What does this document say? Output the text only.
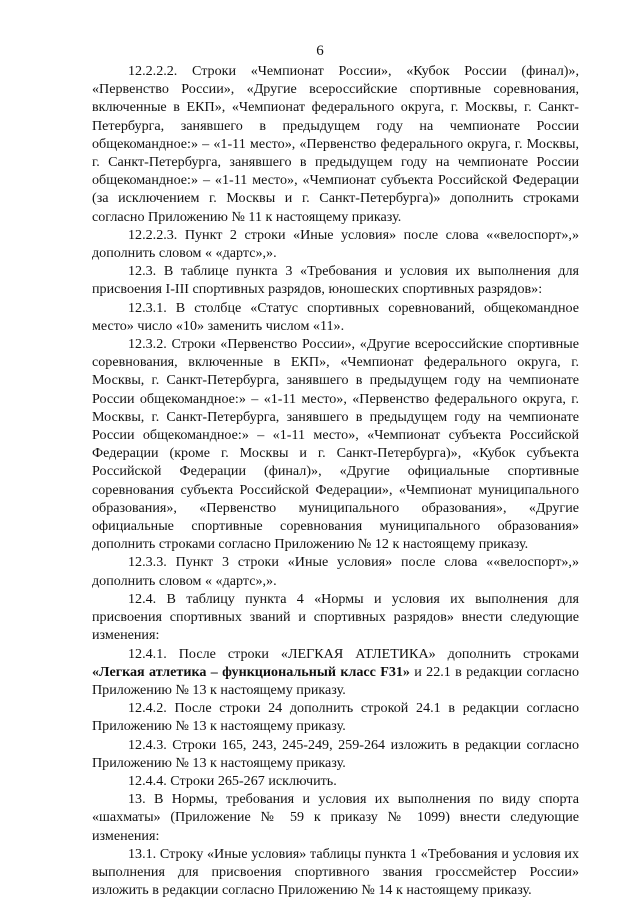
6

12.2.2.2. Строки «Чемпионат России», «Кубок России (финал)», «Первенство России», «Другие всероссийские спортивные соревнования, включенные в ЕКП», «Чемпионат федерального округа, г. Москвы, г. Санкт-Петербурга, занявшего в предыдущем году на чемпионате России общекомандное:» – «1-11 место», «Первенство федерального округа, г. Москвы, г. Санкт-Петербурга, занявшего в предыдущем году на чемпионате России общекомандное:» – «1-11 место», «Чемпионат субъекта Российской Федерации (за исключением г. Москвы и г. Санкт-Петербурга)» дополнить строками согласно Приложению № 11 к настоящему приказу.

12.2.2.3. Пункт 2 строки «Иные условия» после слова ««велоспорт»,» дополнить словом « «дартс»,».

12.3. В таблице пункта 3 «Требования и условия их выполнения для присвоения I-III спортивных разрядов, юношеских спортивных разрядов»:

12.3.1. В столбце «Статус спортивных соревнований, общекомандное место» число «10» заменить числом «11».

12.3.2. Строки «Первенство России», «Другие всероссийские спортивные соревнования, включенные в ЕКП», «Чемпионат федерального округа, г. Москвы, г. Санкт-Петербурга, занявшего в предыдущем году на чемпионате России общекомандное:» – «1-11 место», «Первенство федерального округа, г. Москвы, г. Санкт-Петербурга, занявшего в предыдущем году на чемпионате России общекомандное:» – «1-11 место», «Чемпионат субъекта Российской Федерации (кроме г. Москвы и г. Санкт-Петербурга)», «Кубок субъекта Российской Федерации (финал)», «Другие официальные спортивные соревнования субъекта Российской Федерации», «Чемпионат муниципального образования», «Первенство муниципального образования», «Другие официальные спортивные соревнования муниципального образования» дополнить строками согласно Приложению № 12 к настоящему приказу.

12.3.3. Пункт 3 строки «Иные условия» после слова ««велоспорт»,» дополнить словом « «дартс»,».

12.4. В таблицу пункта 4 «Нормы и условия их выполнения для присвоения спортивных званий и спортивных разрядов» внести следующие изменения:

12.4.1. После строки «ЛЕГКАЯ АТЛЕТИКА» дополнить строками «Легкая атлетика – функциональный класс F31» и 22.1 в редакции согласно Приложению № 13 к настоящему приказу.

12.4.2. После строки 24 дополнить строкой 24.1 в редакции согласно Приложению № 13 к настоящему приказу.

12.4.3. Строки 165, 243, 245-249, 259-264 изложить в редакции согласно Приложению № 13 к настоящему приказу.

12.4.4. Строки 265-267 исключить.

13. В Нормы, требования и условия их выполнения по виду спорта «шахматы» (Приложение № 59 к приказу № 1099) внести следующие изменения:

13.1. Строку «Иные условия» таблицы пункта 1 «Требования и условия их выполнения для присвоения спортивного звания гроссмейстер России» изложить в редакции согласно Приложению № 14 к настоящему приказу.
